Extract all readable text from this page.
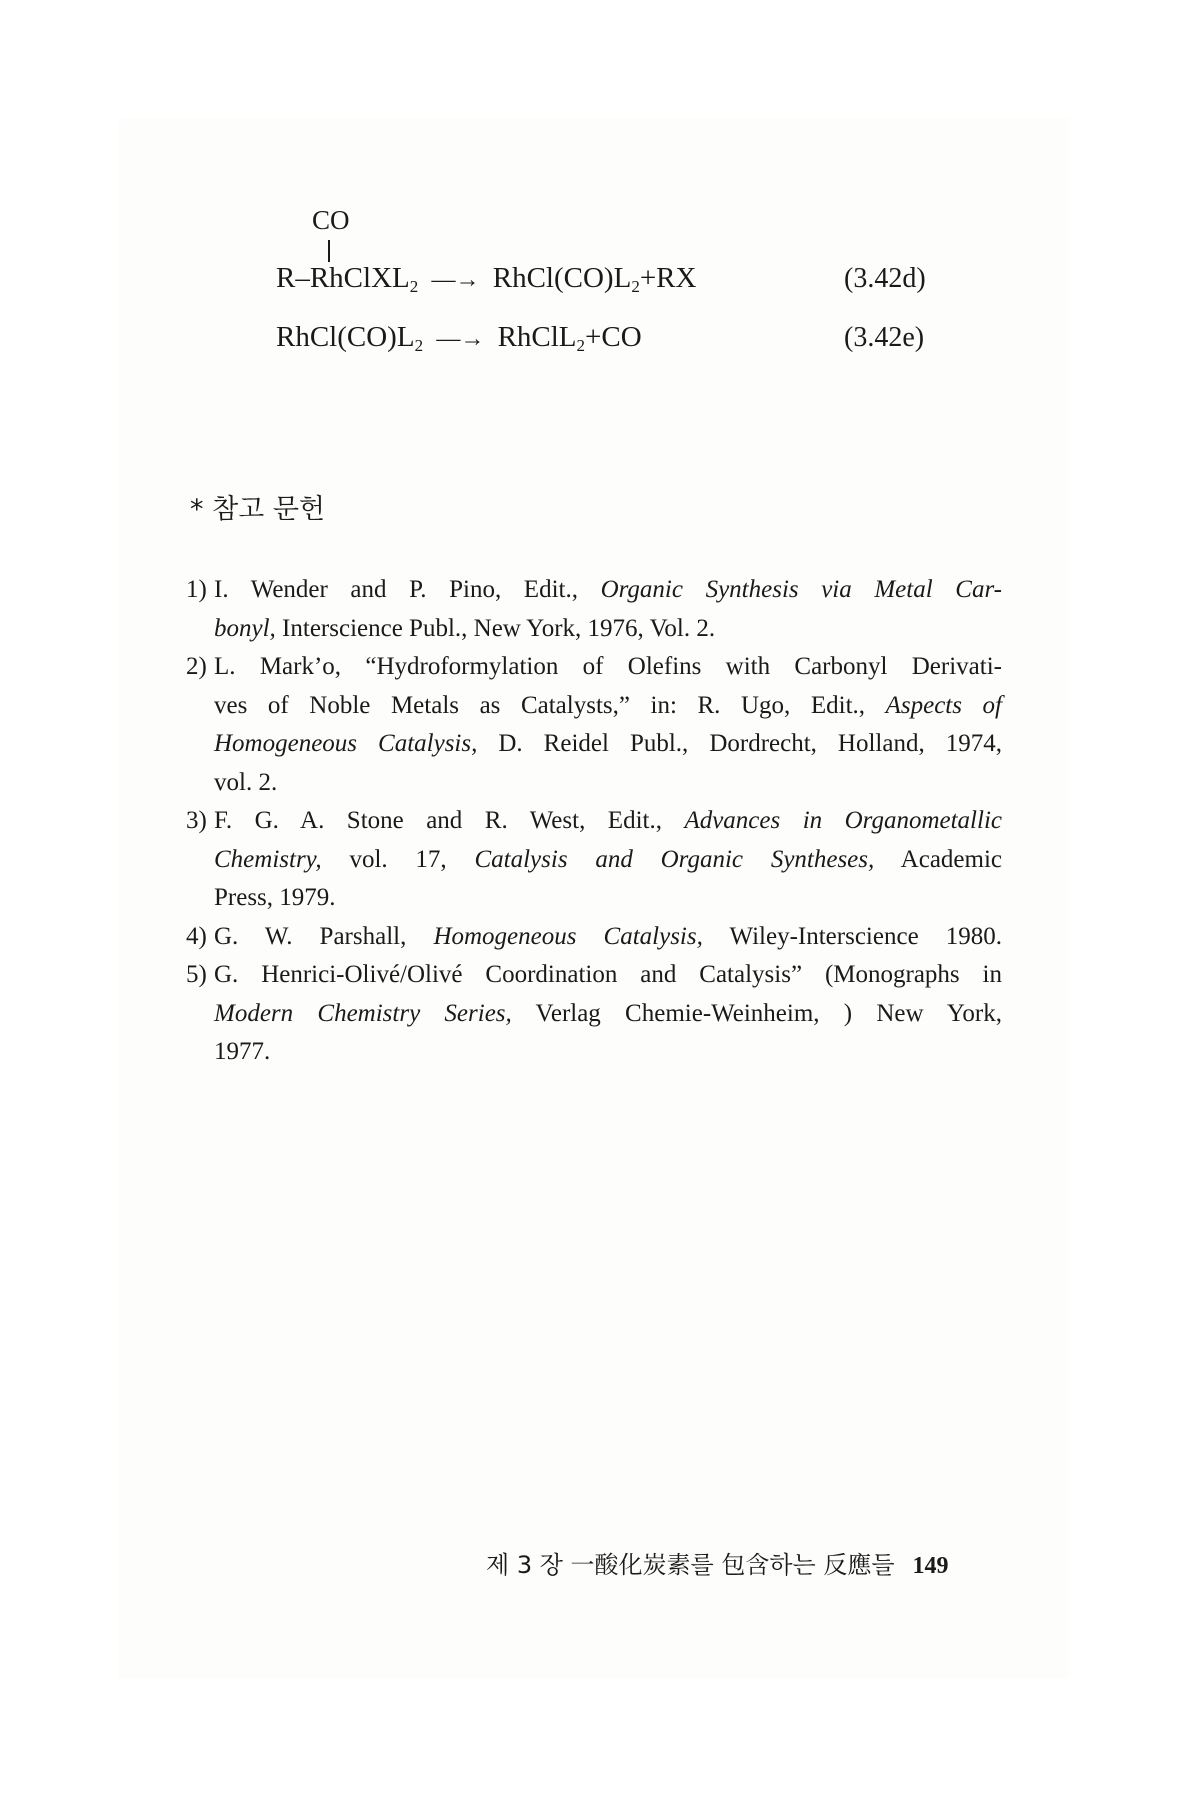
CO
R–RhClXL$_2$ —→ $RhCl(CO)L_2+RX$	(3.42d)
$RhCl(CO)L_2$ —→ RhClL$_2$+CO	(3.42e)
* 참고 문헌
1) I. Wender and P. Pino, Edit., Organic Synthesis via Metal Car-
bonyl, Interscience Publ., New York, 1976, Vol. 2.
2) L. Mark’o, “Hydroformylation of Olefins with Carbonyl Derivati-
ves of Noble Metals as Catalysts,” in: R. Ugo, Edit., Aspects of
Homogeneous Catalysis, D. Reidel Publ., Dordrecht, Holland, 1974,
vol. 2.
3) F. G. A. Stone and R. West, Edit., Advances in Organometallic
Chemistry, vol. 17, Catalysis and Organic Syntheses, Academic
Press, 1979.
4) G. W. Parshall, Homogeneous Catalysis, Wiley-Interscience 1980.
5) G. Henrici-Olivé/Olivé Coordination and Catalysis” (Monographs in
Modern Chemistry Series, Verlag Chemie-Weinheim, ) New York,
1977.
제 3 장 一酸化炭素를 包含하는 反應들 149
